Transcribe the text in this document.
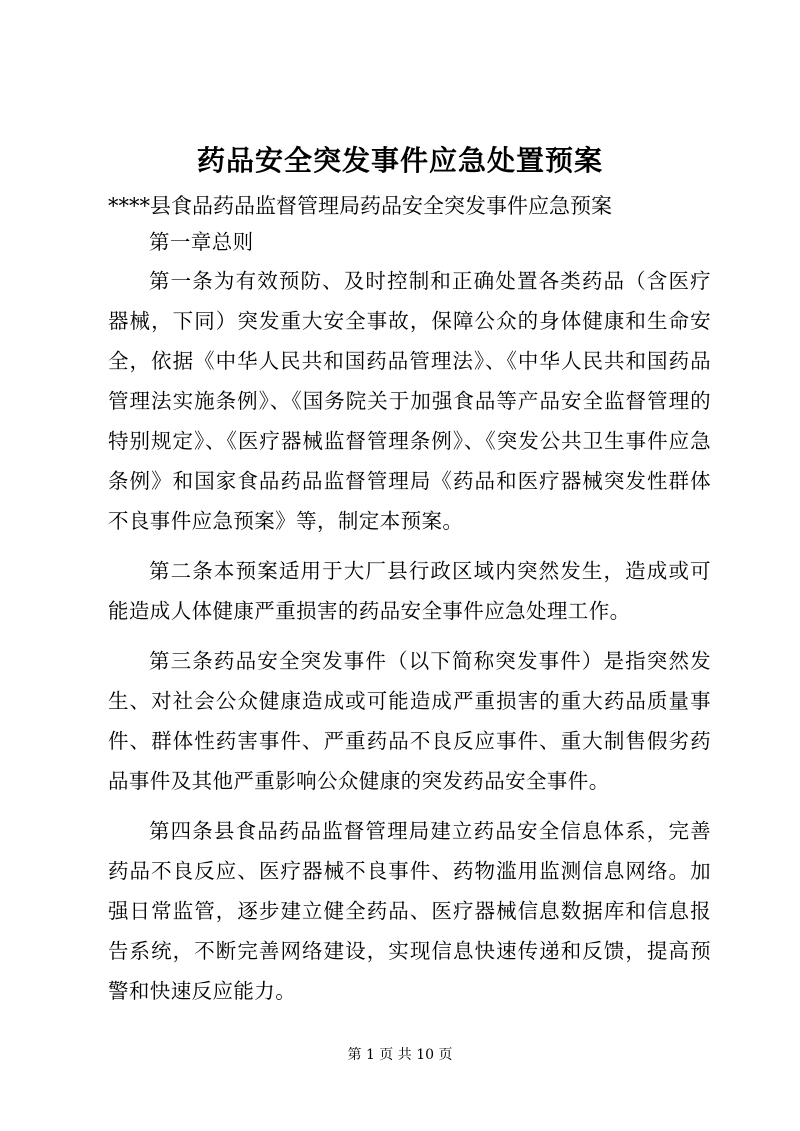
药品安全突发事件应急处置预案

****县食品药品监督管理局药品安全突发事件应急预案

第一章总则

第一条为有效预防、及时控制和正确处置各类药品（含医疗器械，下同）突发重大安全事故，保障公众的身体健康和生命安全，依据《中华人民共和国药品管理法》、《中华人民共和国药品管理法实施条例》、《国务院关于加强食品等产品安全监督管理的特别规定》、《医疗器械监督管理条例》、《突发公共卫生事件应急条例》和国家食品药品监督管理局《药品和医疗器械突发性群体不良事件应急预案》等，制定本预案。

第二条本预案适用于大厂县行政区域内突然发生，造成或可能造成人体健康严重损害的药品安全事件应急处理工作。

第三条药品安全突发事件（以下简称突发事件）是指突然发生、对社会公众健康造成或可能造成严重损害的重大药品质量事件、群体性药害事件、严重药品不良反应事件、重大制售假劣药品事件及其他严重影响公众健康的突发药品安全事件。

第四条县食品药品监督管理局建立药品安全信息体系，完善药品不良反应、医疗器械不良事件、药物滥用监测信息网络。加强日常监管，逐步建立健全药品、医疗器械信息数据库和信息报告系统，不断完善网络建设，实现信息快速传递和反馈，提高预警和快速反应能力。

第 1 页 共 10 页
